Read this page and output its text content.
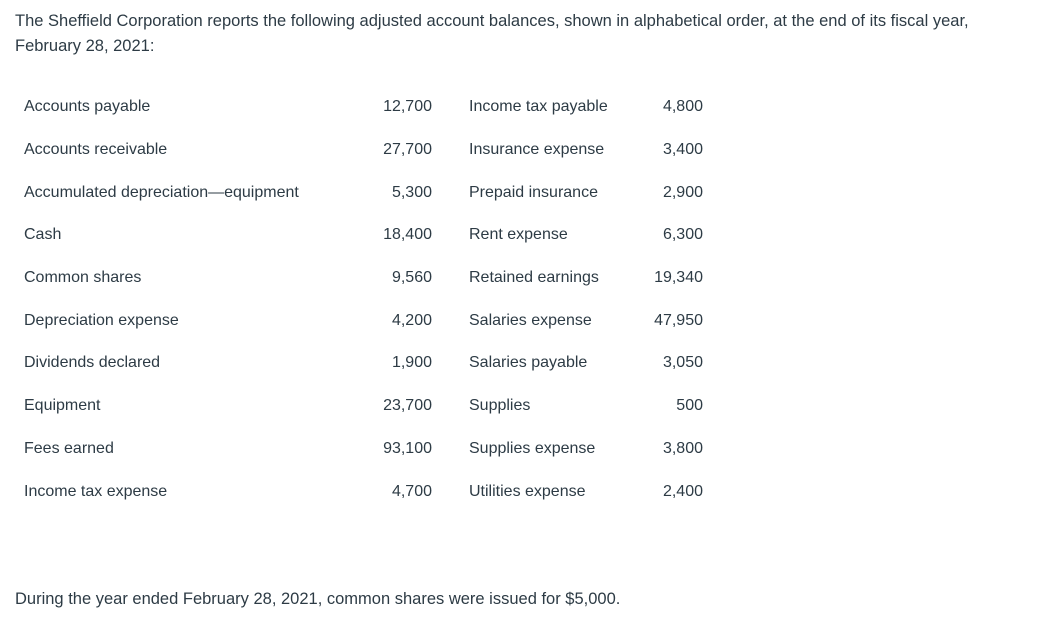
The Sheffield Corporation reports the following adjusted account balances, shown in alphabetical order, at the end of its fiscal year, February 28, 2021:

Accounts payable	12,700		Income tax payable	4,800
Accounts receivable	27,700		Insurance expense	3,400
Accumulated depreciation—equipment	5,300		Prepaid insurance	2,900
Cash	18,400		Rent expense	6,300
Common shares	9,560		Retained earnings	19,340
Depreciation expense	4,200		Salaries expense	47,950
Dividends declared	1,900		Salaries payable	3,050
Equipment	23,700		Supplies	500
Fees earned	93,100		Supplies expense	3,800
Income tax expense	4,700		Utilities expense	2,400

During the year ended February 28, 2021, common shares were issued for $5,000.
